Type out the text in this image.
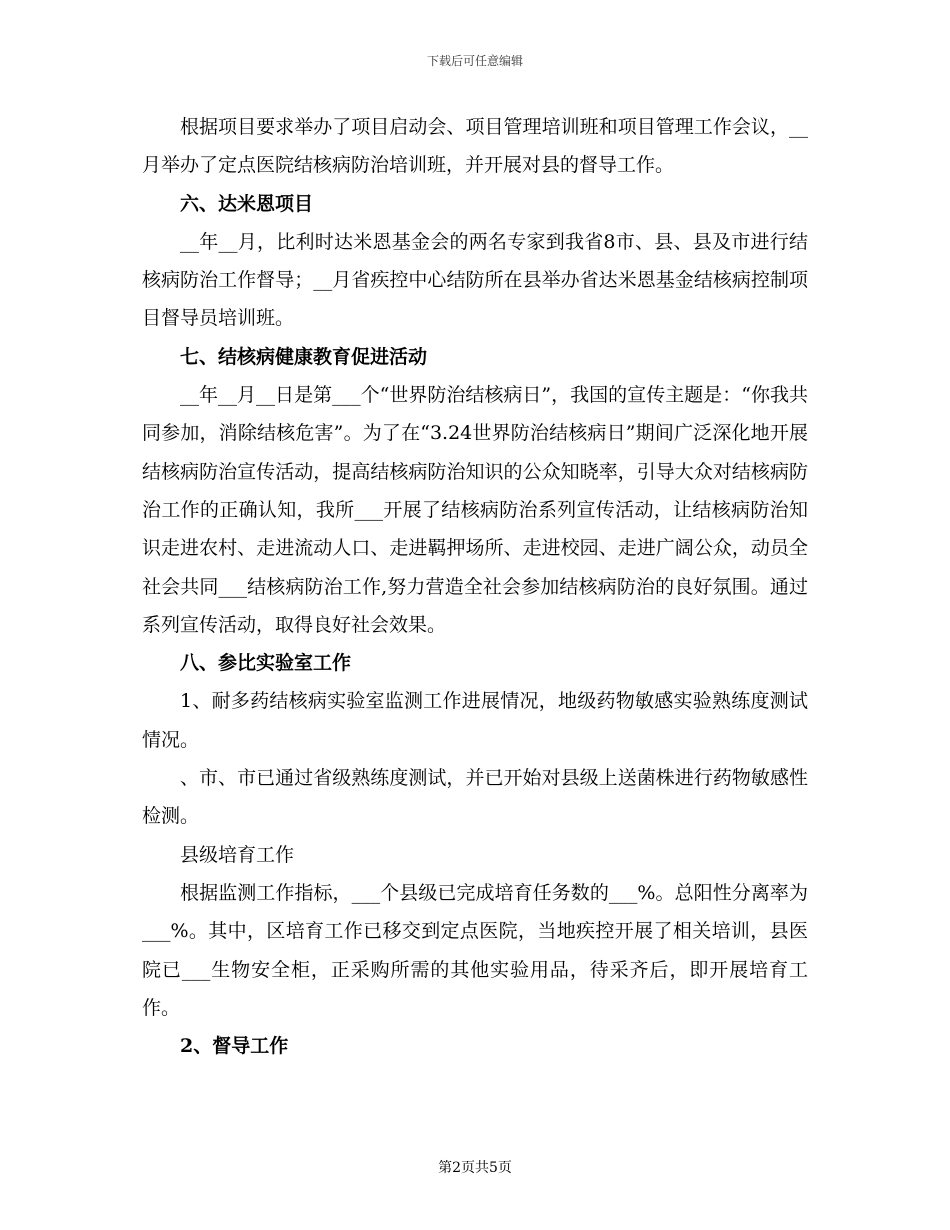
下载后可任意编辑

根据项目要求举办了项目启动会、项目管理培训班和项目管理工作会议，__月举办了定点医院结核病防治培训班，并开展对县的督导工作。

六、达米恩项目

__年__月，比利时达米恩基金会的两名专家到我省8市、县、县及市进行结核病防治工作督导；__月省疾控中心结防所在县举办省达米恩基金结核病控制项目督导员培训班。

七、结核病健康教育促进活动

__年__月__日是第___个“世界防治结核病日”，我国的宣传主题是：“你我共同参加，消除结核危害”。为了在“3.24世界防治结核病日”期间广泛深化地开展结核病防治宣传活动，提高结核病防治知识的公众知晓率，引导大众对结核病防治工作的正确认知，我所___开展了结核病防治系列宣传活动，让结核病防治知识走进农村、走进流动人口、走进羁押场所、走进校园、走进广阔公众，动员全社会共同___结核病防治工作,努力营造全社会参加结核病防治的良好氛围。通过系列宣传活动，取得良好社会效果。

八、参比实验室工作

1、耐多药结核病实验室监测工作进展情况，地级药物敏感实验熟练度测试情况。

、市、市已通过省级熟练度测试，并已开始对县级上送菌株进行药物敏感性检测。

县级培育工作

根据监测工作指标，___个县级已完成培育任务数的___%。总阳性分离率为___%。其中，区培育工作已移交到定点医院，当地疾控开展了相关培训，县医院已___生物安全柜，正采购所需的其他实验用品，待采齐后，即开展培育工作。

2、督导工作

第2页共5页
